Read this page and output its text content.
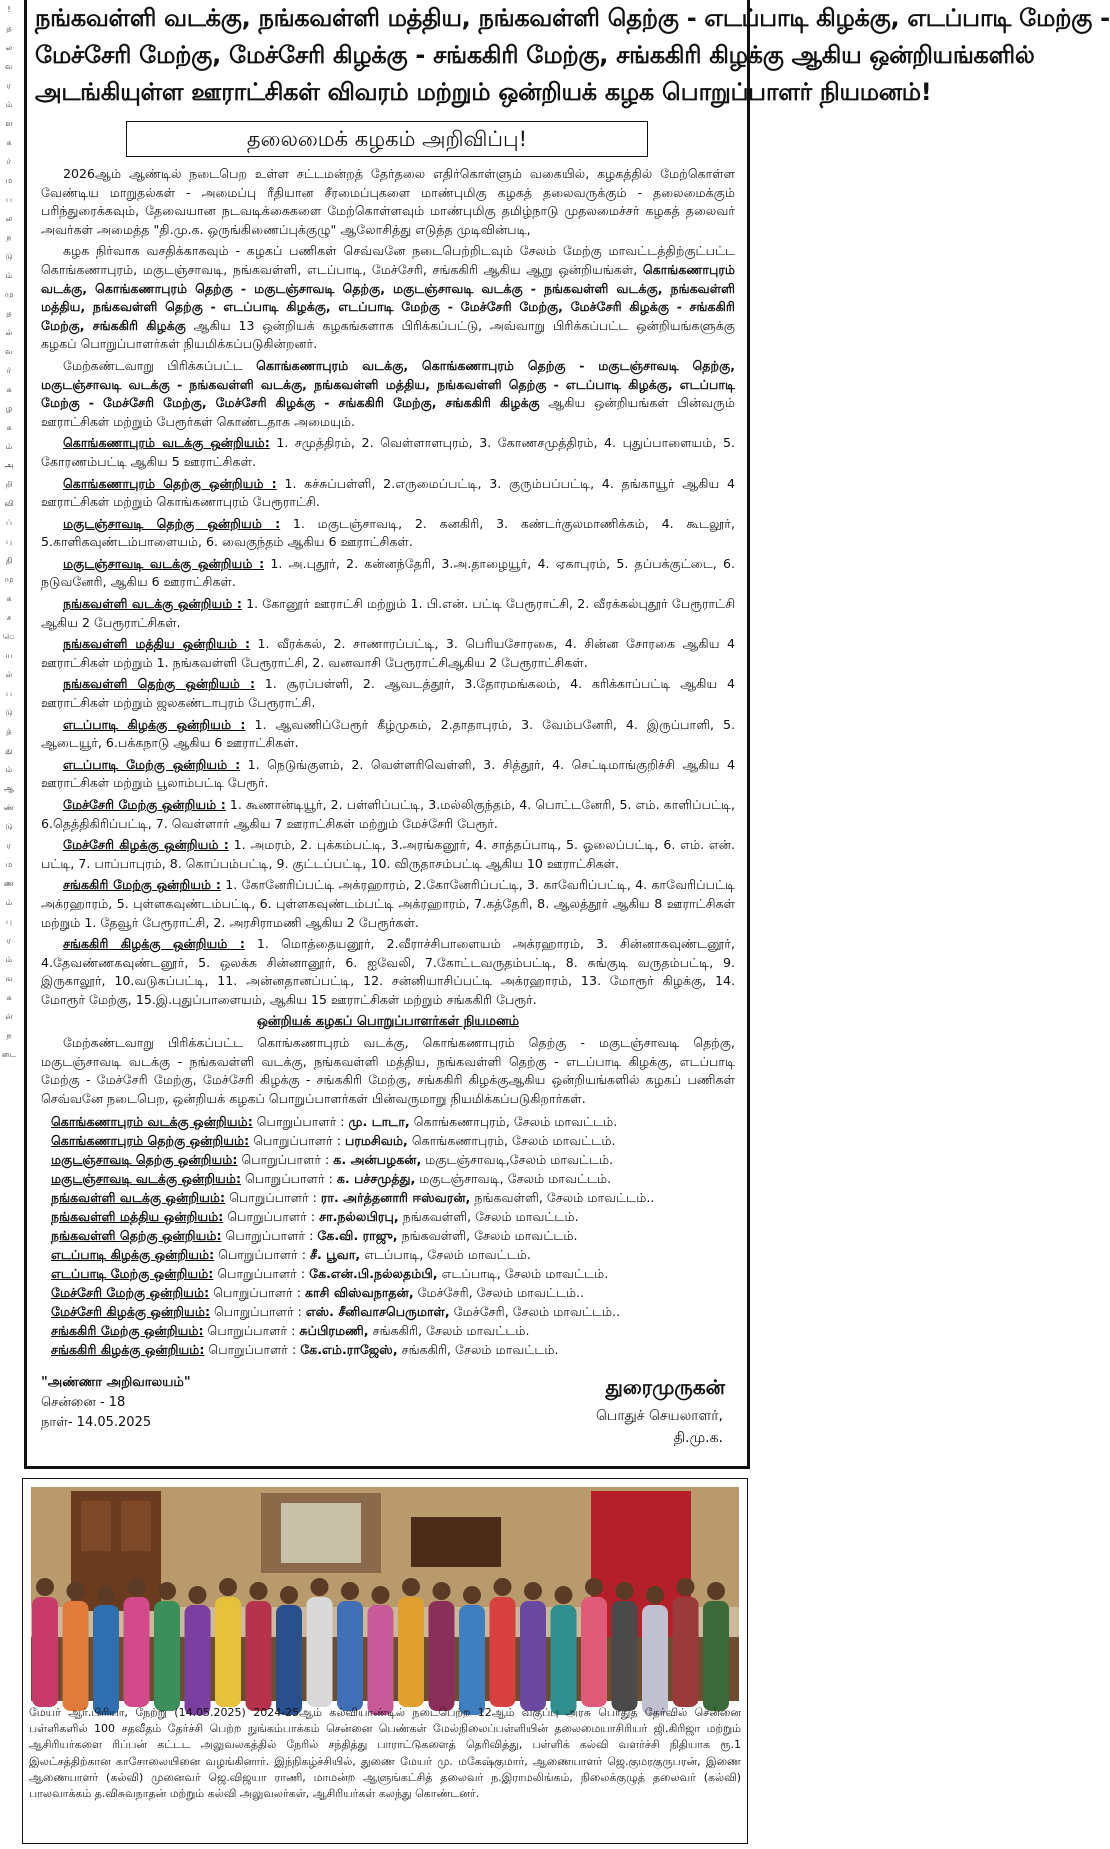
!
த
ல
வ
ர
ம்
ள
க
ர்
ம
ப
ல
ந
டு
ம்
மு
த
ல்
வ
ர்
க
ழ
க
ம்
அ
றி
வி
ப்
பு
தி
மு
க
ச
ெ
ய
ல்
ப
டு
த்
து
ம்
ஆ
ண்
டு
ர
ம
ண
ம்
பு
ர
ம்
ங
க
ள்
ந
டை
நங்கவள்ளி வடக்கு, நங்கவள்ளி மத்திய, நங்கவள்ளி தெற்கு - எடப்பாடி கிழக்கு, எடப்பாடி மேற்கு -
மேச்சேரி மேற்கு, மேச்சேரி கிழக்கு - சங்ககிரி மேற்கு, சங்ககிரி கிழக்கு ஆகிய ஒன்றியங்களில்
அடங்கியுள்ள ஊராட்சிகள் விவரம் மற்றும் ஒன்றியக் கழக பொறுப்பாளர் நியமனம்!
தலைமைக் கழகம் அறிவிப்பு!

2026ஆம் ஆண்டில் நடைபெற உள்ள சட்டமன்றத் தேர்தலை எதிர்கொள்ளும் வகையில், கழகத்தில் மேற்கொள்ள வேண்டிய மாறுதல்கள் - அமைப்பு ரீதியான சீரமைப்புகளை மாண்புமிகு கழகத் தலைவருக்கும் - தலைமைக்கும் பரிந்துரைக்கவும், தேவையான நடவடிக்கைகளை மேற்கொள்ளவும் மாண்புமிகு தமிழ்நாடு முதலமைச்சர் கழகத் தலைவர் அவர்கள் அமைத்த "தி.மு.க. ஒருங்கிணைப்புக்குழு" ஆலோசித்து எடுத்த முடிவின்படி,

கழக நிர்வாக வசதிக்காகவும் - கழகப் பணிகள் செவ்வனே நடைபெற்றிடவும் சேலம் மேற்கு மாவட்டத்திற்குட்பட்ட கொங்கணாபுரம், மகுடஞ்சாவடி, நங்கவள்ளி, எடப்பாடி, மேச்சேரி, சங்ககிரி ஆகிய ஆறு ஒன்றியங்கள், கொங்கணாபுரம் வடக்கு, கொங்கணாபுரம் தெற்கு - மகுடஞ்சாவடி தெற்கு, மகுடஞ்சாவடி வடக்கு - நங்கவள்ளி வடக்கு, நங்கவள்ளி மத்திய, நங்கவள்ளி தெற்கு - எடப்பாடி கிழக்கு, எடப்பாடி மேற்கு - மேச்சேரி மேற்கு, மேச்சேரி கிழக்கு - சங்ககிரி மேற்கு, சங்ககிரி கிழக்கு ஆகிய 13 ஒன்றியக் கழகங்களாக பிரிக்கப்பட்டு, அவ்வாறு பிரிக்கப்பட்ட ஒன்றியங்களுக்கு கழகப் பொறுப்பாளர்கள் நியமிக்கப்படுகின்றனர்.

மேற்கண்டவாறு பிரிக்கப்பட்ட கொங்கணாபுரம் வடக்கு, கொங்கணாபுரம் தெற்கு - மகுடஞ்சாவடி தெற்கு, மகுடஞ்சாவடி வடக்கு - நங்கவள்ளி வடக்கு, நங்கவள்ளி மத்திய, நங்கவள்ளி தெற்கு - எடப்பாடி கிழக்கு, எடப்பாடி மேற்கு - மேச்சேரி மேற்கு, மேச்சேரி கிழக்கு - சங்ககிரி மேற்கு, சங்ககிரி கிழக்கு ஆகிய ஒன்றியங்கள் பின்வரும் ஊராட்சிகள் மற்றும் பேரூர்கள் கொண்டதாக அமையும்.

கொங்கணாபுரம் வடக்கு ஒன்றியம்: 1. சமுத்திரம், 2. வெள்ளாளபுரம், 3. கோணசமுத்திரம், 4. புதுப்பாளையம், 5. கோரணம்பட்டி ஆகிய 5 ஊராட்சிகள்.

கொங்கணாபுரம் தெற்கு ஒன்றியம் : 1. கச்சுப்பள்ளி, 2.எருமைப்பட்டி, 3. குரும்பப்பட்டி, 4. தங்காயூர் ஆகிய 4 ஊராட்சிகள் மற்றும் கொங்கணாபுரம் பேரூராட்சி.

மகுடஞ்சாவடி தெற்கு ஒன்றியம் : 1. மகுடஞ்சாவடி, 2. கனகிரி, 3. கண்டர்குலமாணிக்கம், 4. கூடலூர், 5.காளிகவுண்டம்பாளையம், 6. வைகுந்தம் ஆகிய 6 ஊராட்சிகள்.

மகுடஞ்சாவடி வடக்கு ஒன்றியம் : 1. அ.புதூர், 2. கன்னந்தேரி, 3.அ.தாழையூர், 4. ஏகாபுரம், 5. தப்பக்குட்டை, 6. நடுவனேரி, ஆகிய 6 ஊராட்சிகள்.

நங்கவள்ளி வடக்கு ஒன்றியம் : 1. கோனூர் ஊராட்சி மற்றும் 1. பி.என். பட்டி பேரூராட்சி, 2. வீரக்கல்புதூர் பேரூராட்சி ஆகிய 2 பேரூராட்சிகள்.

நங்கவள்ளி மத்திய ஒன்றியம் : 1. வீரக்கல், 2. சாணாரப்பட்டி, 3. பெரியசோரகை, 4. சின்ன சோரகை ஆகிய 4 ஊராட்சிகள் மற்றும் 1. நங்கவள்ளி பேரூராட்சி, 2. வனவாசி பேரூராட்சிஆகிய 2 பேரூராட்சிகள்.

நங்கவள்ளி தெற்கு ஒன்றியம் : 1. சூரப்பள்ளி, 2. ஆவடத்தூர், 3.தோரமங்கலம், 4. கரிக்காப்பட்டி ஆகிய 4 ஊராட்சிகள் மற்றும் ஜலகண்டாபுரம் பேரூராட்சி.

எடப்பாடி கிழக்கு ஒன்றியம் : 1. ஆவணிப்பேரூர் கீழ்முகம், 2.தாதாபுரம், 3. வேம்பனேரி, 4. இருப்பாளி, 5. ஆடையூர், 6.பக்கநாடு ஆகிய 6 ஊராட்சிகள்.

எடப்பாடி மேற்கு ஒன்றியம் : 1. நெடுங்குளம், 2. வெள்ளரிவெள்ளி, 3. சித்தூர், 4. செட்டிமாங்குறிச்சி ஆகிய 4 ஊராட்சிகள் மற்றும் பூலாம்பட்டி பேரூர்.

மேச்சேரி மேற்கு ஒன்றியம் : 1. கூணான்டியூர், 2. பள்ளிப்பட்டி, 3.மல்லிகுந்தம், 4. பொட்டனேரி, 5. எம். காளிப்பட்டி, 6.தெத்திகிரிப்பட்டி, 7. வெள்ளார் ஆகிய 7 ஊராட்சிகள் மற்றும் மேச்சேரி பேரூர்.

மேச்சேரி கிழக்கு ஒன்றியம் : 1. அமரம், 2. புக்கம்பட்டி, 3.அரங்கனூர், 4. சாத்தப்பாடி, 5. ஓலைப்பட்டி, 6. எம். என். பட்டி, 7. பாப்பாபுரம், 8. கொப்பம்பட்டி, 9. குட்டப்பட்டி, 10. விருதாசம்பட்டி ஆகிய 10 ஊராட்சிகள்.

சங்ககிரி மேற்கு ஒன்றியம் : 1. கோனேரிப்பட்டி அக்ரஹாரம், 2.கோனேரிப்பட்டி, 3. காவேரிப்பட்டி, 4. காவேரிப்பட்டி அக்ரஹாரம், 5. புள்ளகவுண்டம்பட்டி, 6. புள்ளகவுண்டம்பட்டி அக்ரஹாரம், 7.கத்தேரி, 8. ஆலத்தூர் ஆகிய 8 ஊராட்சிகள் மற்றும் 1. தேவூர் பேரூராட்சி, 2. அரசிராமணி ஆகிய 2 பேரூர்கள்.

சங்ககிரி கிழக்கு ஒன்றியம் : 1. மொத்தையனூர், 2.வீராச்சிபாளையம் அக்ரஹாரம், 3. சின்னாகவுண்டனூர், 4.தேவண்ணகவுண்டனூர், 5. ஒலக்க சின்னானூர், 6. ஐவேலி, 7.கோட்டவருதம்பட்டி, 8. சுங்குடி வருதம்பட்டி, 9. இருகாலூர், 10.வடுகப்பட்டி, 11. அன்னதானப்பட்டி, 12. சன்னியாசிப்பட்டி அக்ரஹாரம், 13. மோரூர் கிழக்கு, 14. மோரூர் மேற்கு, 15.இ.புதுப்பாளையம், ஆகிய 15 ஊராட்சிகள் மற்றும் சங்ககிரி பேரூர்.

ஒன்றியக் கழகப் பொறுப்பாளர்கள் நியமனம்

மேற்கண்டவாறு பிரிக்கப்பட்ட கொங்கணாபுரம் வடக்கு, கொங்கணாபுரம் தெற்கு - மகுடஞ்சாவடி தெற்கு, மகுடஞ்சாவடி வடக்கு - நங்கவள்ளி வடக்கு, நங்கவள்ளி மத்திய, நங்கவள்ளி தெற்கு - எடப்பாடி கிழக்கு, எடப்பாடி மேற்கு - மேச்சேரி மேற்கு, மேச்சேரி கிழக்கு - சங்ககிரி மேற்கு, சங்ககிரி கிழக்குஆகிய ஒன்றியங்களில் கழகப் பணிகள் செவ்வனே நடைபெற, ஒன்றியக் கழகப் பொறுப்பாளர்கள் பின்வருமாறு நியமிக்கப்படுகிறார்கள்.

கொங்கணாபுரம் வடக்கு ஒன்றியம்: பொறுப்பாளர் : மு. டாடா, கொங்கணாபுரம், சேலம் மாவட்டம்.
கொங்கணாபுரம் தெற்கு ஒன்றியம்: பொறுப்பாளர் : பரமசிவம், கொங்கணாபுரம், சேலம் மாவட்டம்.
மகுடஞ்சாவடி தெற்கு ஒன்றியம்: பொறுப்பாளர் : க. அன்பழகன், மகுடஞ்சாவடி,சேலம் மாவட்டம்.
மகுடஞ்சாவடி வடக்கு ஒன்றியம்: பொறுப்பாளர் : க. பச்சமுத்து, மகுடஞ்சாவடி, சேலம் மாவட்டம்.
நங்கவள்ளி வடக்கு ஒன்றியம்: பொறுப்பாளர் : ரா. அர்த்தனாரி ஈஸ்வரன், நங்கவள்ளி, சேலம் மாவட்டம்..
நங்கவள்ளி மத்திய ஒன்றியம்: பொறுப்பாளர் : சா.நல்லபிரபு, நங்கவள்ளி, சேலம் மாவட்டம்.
நங்கவள்ளி தெற்கு ஒன்றியம்: பொறுப்பாளர் : கே.வி. ராஜு, நங்கவள்ளி, சேலம் மாவட்டம்.
எடப்பாடி கிழக்கு ஒன்றியம்: பொறுப்பாளர் : சீ. பூவா, எடப்பாடி, சேலம் மாவட்டம்.
எடப்பாடி மேற்கு ஒன்றியம்: பொறுப்பாளர் : கே.என்.பி.நல்லதம்பி, எடப்பாடி, சேலம் மாவட்டம்.
மேச்சேரி மேற்கு ஒன்றியம்: பொறுப்பாளர் : காசி விஸ்வநாதன், மேச்சேரி, சேலம் மாவட்டம்..
மேச்சேரி கிழக்கு ஒன்றியம்: பொறுப்பாளர் : எஸ். சீனிவாசபெருமாள், மேச்சேரி, சேலம் மாவட்டம்..
சங்ககிரி மேற்கு ஒன்றியம்: பொறுப்பாளர் : சுப்பிரமணி, சங்ககிரி, சேலம் மாவட்டம்.
சங்ககிரி கிழக்கு ஒன்றியம்: பொறுப்பாளர் : கே.எம்.ராஜேஸ், சங்ககிரி, சேலம் மாவட்டம்.
"அண்ணா அறிவாலயம்"
சென்னை - 18
நாள்- 14.05.2025
துரைமுருகன்
பொதுச் செயலாளர்,
தி.மு.க.
மேயர் ஆர்.பிரியா, நேற்று (14.05.2025) 2024-25ஆம் கல்வியாண்டில் நடைபெற்ற 12ஆம் வகுப்பு அரசு பொதுத் தேர்வில் சென்னை பள்ளிகளில் 100 சதவீதம் தேர்ச்சி பெற்ற நுங்கம்பாக்கம் சென்னை பெண்கள் மேல்நிலைப்பள்ளியின் தலைமையாசிரியர் ஜி.கிரிஜா மற்றும் ஆசிரியர்களை ரிப்பன் கட்டட அலுவலகத்தில் நேரில் சந்தித்து பாராட்டுகளைத் தெரிவித்து, பள்ளிக் கல்வி வளர்ச்சி நிதியாக ரூ.1 இலட்சத்திற்கான காசோலையினை வழங்கினார். இந்நிகழ்ச்சியில், துணை மேயர் மு. மகேஷ்குமார், ஆணையாளர் ஜெ.குமரகுருபரன், இணை ஆணையாளர் (கல்வி) முனைவர் ஜெ.விஜயா ராணி, மாமன்ற ஆளுங்கட்சித் தலைவர் ந.இராமலிங்கம், நிலைக்குழுத் தலைவர் (கல்வி) பாலவாக்கம் த.விசுவநாதன் மற்றும் கல்வி அலுவலர்கள், ஆசிரியர்கள் கலந்து கொண்டனர்.
